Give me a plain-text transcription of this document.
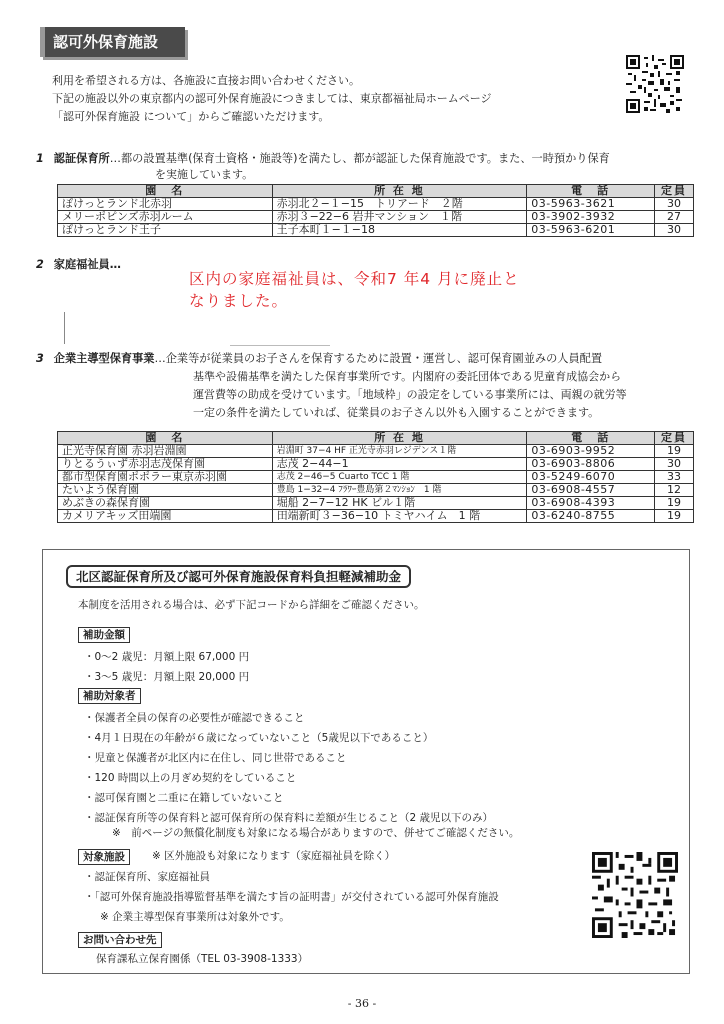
認可外保育施設
利用を希望される方は、各施設に直接お問い合わせください。
下記の施設以外の東京都内の認可外保育施設につきましては、東京都福祉局ホームページ
「認可外保育施設 について」からご確認いただけます。
1 認証保育所…都の設置基準(保育士資格・施設等)を満たし、都が認証した保育施設です。また、一時預かり保育
を実施しています。
園　名	所 在 地	電　話	定員
ぽけっとランド北赤羽	赤羽北２−１−15　トリアード　２階	03-5963-3621	30
メリーポピンズ赤羽ルーム	赤羽３−22−6 岩井マンション　１階	03-3902-3932	27
ぽけっとランド王子	王子本町１−１−18	03-5963-6201	30
2 家庭福祉員…
区内の家庭福祉員は、令和7 年4 月に廃止と
なりました。
3 企業主導型保育事業…企業等が従業員のお子さんを保育するために設置・運営し、認可保育園並みの人員配置
基準や設備基準を満たした保育事業所です。内閣府の委託団体である児童育成協会から
運営費等の助成を受けています。「地域枠」の設定をしている事業所には、両親の就労等
一定の条件を満たしていれば、従業員のお子さん以外も入園することができます。
園　名	所 在 地	電　話	定員
正光寺保育園 赤羽岩淵園	岩淵町 37−4 HF 正光寺赤羽レジデンス１階	03-6903-9952	19
りとるうぃず赤羽志茂保育園	志茂 2−44−1	03-6903-8806	30
都市型保育園ポポラー東京赤羽園	志茂 2−46−5 Cuarto TCC 1 階	03-5249-6070	33
たいよう保育園	豊島 1−32−4 ﾌﾗﾜｰ豊島第２ﾏﾝｼｮﾝ　1 階	03-6908-4557	12
めぶきの森保育園	堀船 2−7−12 HK ビル１階	03-6908-4393	19
カメリアキッズ田端園	田端新町３−36−10 トミヤハイム　1 階	03-6240-8755	19
北区認証保育所及び認可外保育施設保育料負担軽減補助金
本制度を活用される場合は、必ず下記コードから詳細をご確認ください。
補助金額
・0〜2 歳児：月額上限 67,000 円
・3〜5 歳児：月額上限 20,000 円
補助対象者
・保護者全員の保育の必要性が確認できること
・4月１日現在の年齢が６歳になっていないこと（5歳児以下であること）
・児童と保護者が北区内に在住し、同じ世帯であること
・120 時間以上の月ぎめ契約をしていること
・認可保育園と二重に在籍していないこと
・認証保育所等の保育料と認可保育所の保育料に差額が生じること（2 歳児以下のみ）
※　前ページの無償化制度も対象になる場合がありますので、併せてご確認ください。
対象施設	※ 区外施設も対象になります（家庭福祉員を除く）
・認証保育所、家庭福祉員
・「認可外保育施設指導監督基準を満たす旨の証明書」が交付されている認可外保育施設
※ 企業主導型保育事業所は対象外です。
お問い合わせ先
保育課私立保育園係（TEL 03-3908-1333）
- 36 -
